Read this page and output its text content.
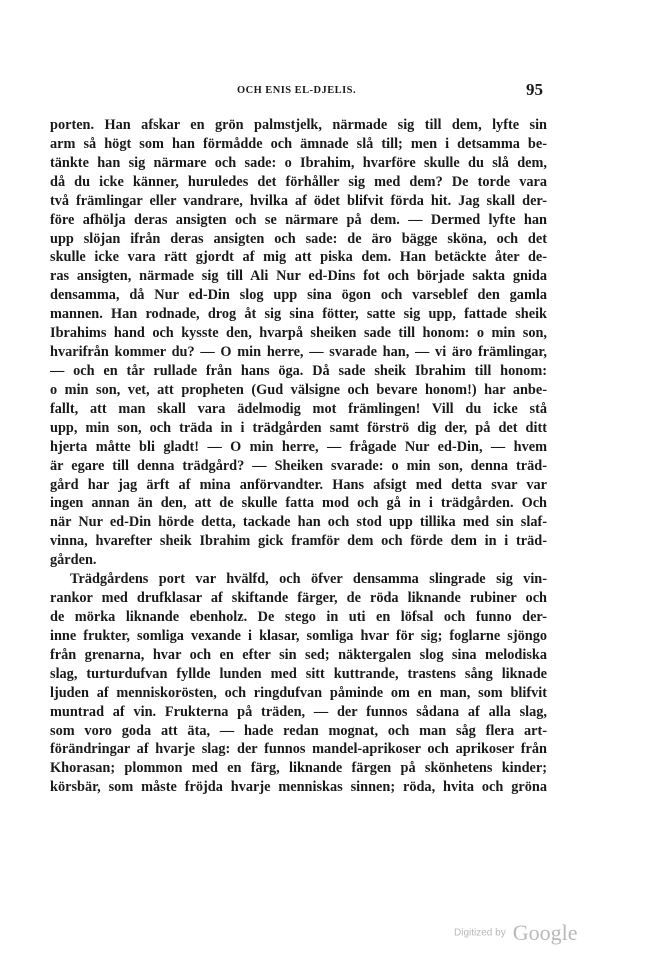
OCH ENIS EL-DJELIS.	95
porten. Han afskar en grön palmstjelk, närmade sig till dem, lyfte sin
arm så högt som han förmådde och ämnade slå till; men i detsamma be-
tänkte han sig närmare och sade: o Ibrahim, hvarföre skulle du slå dem,
då du icke känner, huruledes det förhåller sig med dem? De torde vara
två främlingar eller vandrare, hvilka af ödet blifvit förda hit. Jag skall der-
före afhölja deras ansigten och se närmare på dem. — Dermed lyfte han
upp slöjan ifrån deras ansigten och sade: de äro bägge sköna, och det
skulle icke vara rätt gjordt af mig att piska dem. Han betäckte åter de-
ras ansigten, närmade sig till Ali Nur ed-Dins fot och började sakta gnida
densamma, då Nur ed-Din slog upp sina ögon och varseblef den gamla
mannen. Han rodnade, drog åt sig sina fötter, satte sig upp, fattade sheik
Ibrahims hand och kysste den, hvarpå sheiken sade till honom: o min son,
hvarifrån kommer du? — O min herre, — svarade han, — vi äro främlingar,
— och en tår rullade från hans öga. Då sade sheik Ibrahim till honom:
o min son, vet, att propheten (Gud välsigne och bevare honom!) har anbe-
fallt, att man skall vara ädelmodig mot främlingen! Vill du icke stå
upp, min son, och träda in i trädgården samt förströ dig der, på det ditt
hjerta måtte bli gladt! — O min herre, — frågade Nur ed-Din, — hvem
är egare till denna trädgård? — Sheiken svarade: o min son, denna träd-
gård har jag ärft af mina anförvandter. Hans afsigt med detta svar var
ingen annan än den, att de skulle fatta mod och gå in i trädgården. Och
när Nur ed-Din hörde detta, tackade han och stod upp tillika med sin slaf-
vinna, hvarefter sheik Ibrahim gick framför dem och förde dem in i träd-
gården.
Trädgårdens port var hvälfd, och öfver densamma slingrade sig vin-
rankor med drufklasar af skiftande färger, de röda liknande rubiner och
de mörka liknande ebenholz. De stego in uti en löfsal och funno der-
inne frukter, somliga vexande i klasar, somliga hvar för sig; foglarne sjöngo
från grenarna, hvar och en efter sin sed; näktergalen slog sina melodiska
slag, turturdufvan fyllde lunden med sitt kuttrande, trastens sång liknade
ljuden af menniskorösten, och ringdufvan påminde om en man, som blifvit
muntrad af vin. Frukterna på träden, — der funnos sådana af alla slag,
som voro goda att äta, — hade redan mognat, och man såg flera art-
förändringar af hvarje slag: der funnos mandel-aprikoser och aprikoser från
Khorasan; plommon med en färg, liknande färgen på skönhetens kinder;
körsbär, som måste fröjda hvarje menniskas sinnen; röda, hvita och gröna
Digitized by Google
